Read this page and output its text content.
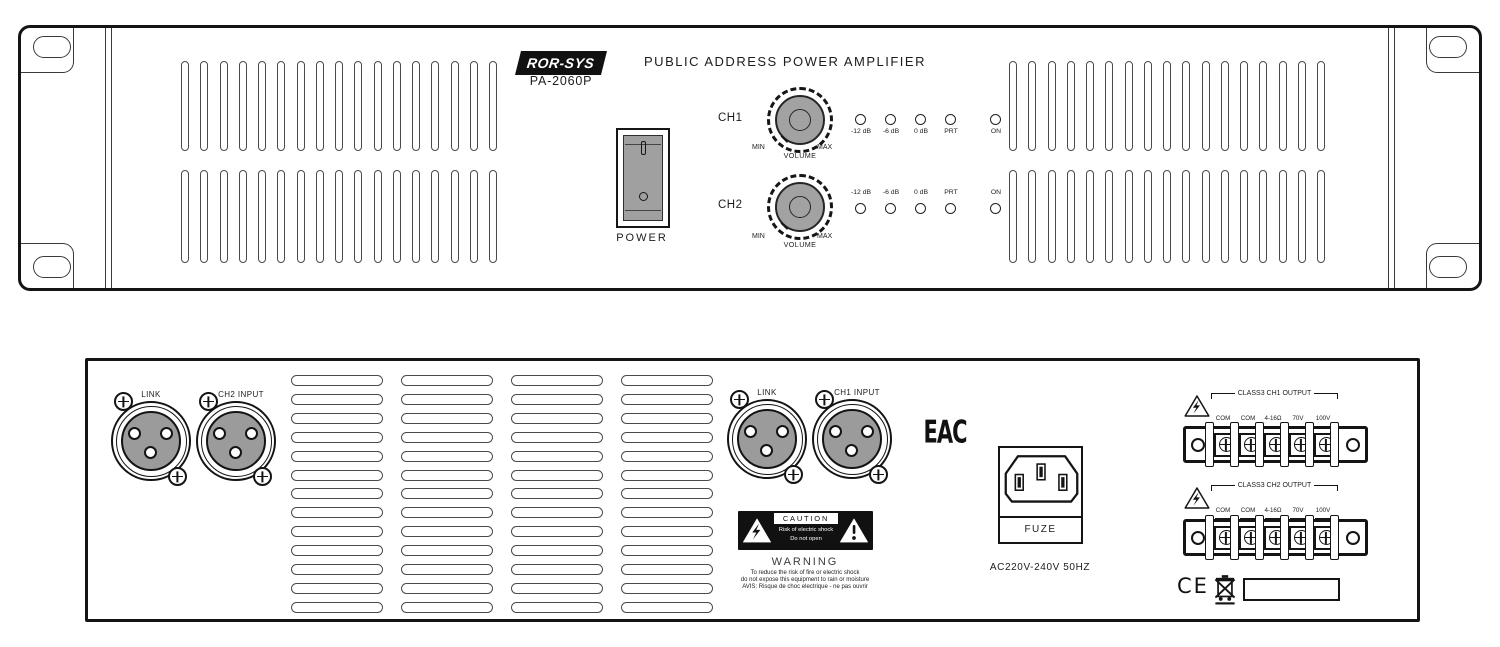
ROR-SYS
PA-2060P
PUBLIC ADDRESS POWER AMPLIFIER
POWER
CH1
MIN	MAX
VOLUME
-12 dB	-6 dB	0 dB	PRT	ON
CH2
MIN	MAX
VOLUME
-12 dB	-6 dB	0 dB	PRT	ON
LINK	CH2 INPUT	LINK	CH1 INPUT
EAC
CAUTION
Risk of electric shock
Do not open
WARNING
To reduce the risk of fire or electric shock
do not expose this equipment to rain or moisture
AVIS: Risque de choc electrique - ne pas ouvrir
FUZE
AC220V-240V 50HZ
CLASS3 CH1 OUTPUT
COM	COM	4-16Ω	70V	100V
CLASS3 CH2 OUTPUT
COM	COM	4-16Ω	70V	100V
CE
